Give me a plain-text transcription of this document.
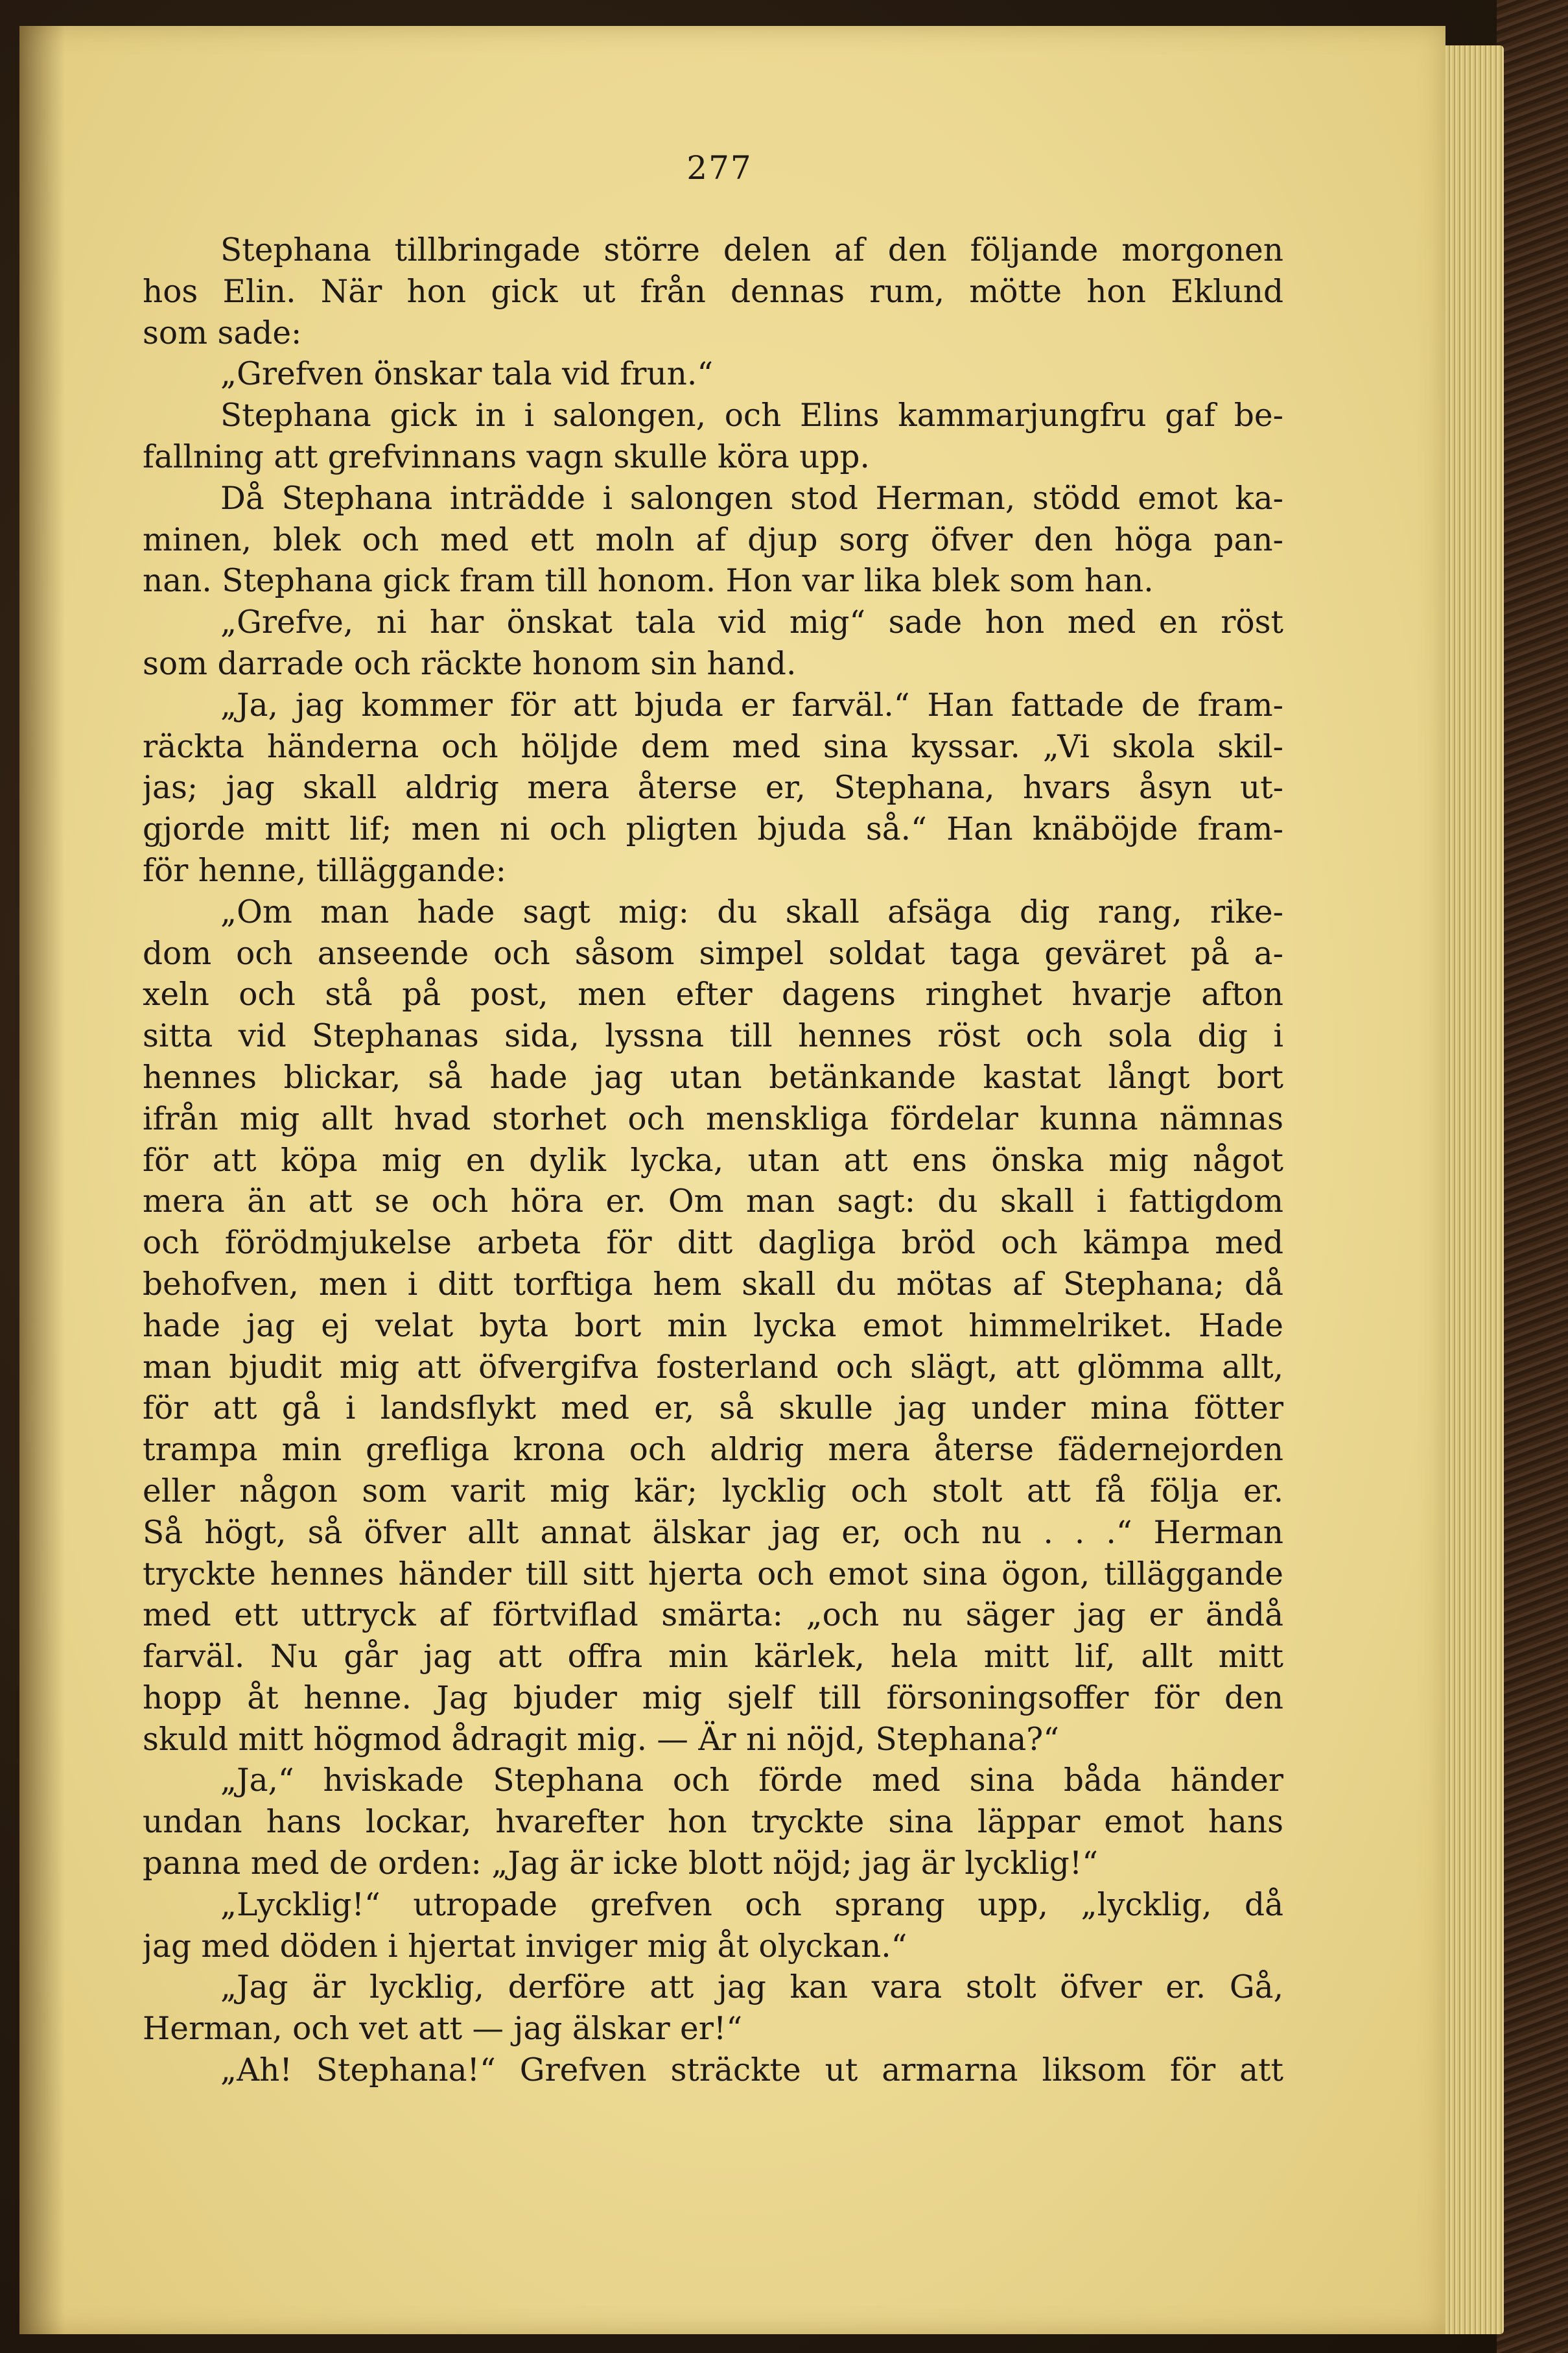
277
Stephana tillbringade större delen af den följande morgonen
hos Elin. När hon gick ut från dennas rum, mötte hon Eklund
som sade:
„Grefven önskar tala vid frun.“
Stephana gick in i salongen, och Elins kammarjungfru gaf be-
fallning att grefvinnans vagn skulle köra upp.
Då Stephana inträdde i salongen stod Herman, stödd emot ka-
minen, blek och med ett moln af djup sorg öfver den höga pan-
nan. Stephana gick fram till honom. Hon var lika blek som han.
„Grefve, ni har önskat tala vid mig“ sade hon med en röst
som darrade och räckte honom sin hand.
„Ja, jag kommer för att bjuda er farväl.“ Han fattade de fram-
räckta händerna och höljde dem med sina kyssar. „Vi skola skil-
jas; jag skall aldrig mera återse er, Stephana, hvars åsyn ut-
gjorde mitt lif; men ni och pligten bjuda så.“ Han knäböjde fram-
för henne, tilläggande:
„Om man hade sagt mig: du skall afsäga dig rang, rike-
dom och anseende och såsom simpel soldat taga geväret på a-
xeln och stå på post, men efter dagens ringhet hvarje afton
sitta vid Stephanas sida, lyssna till hennes röst och sola dig i
hennes blickar, så hade jag utan betänkande kastat långt bort
ifrån mig allt hvad storhet och menskliga fördelar kunna nämnas
för att köpa mig en dylik lycka, utan att ens önska mig något
mera än att se och höra er. Om man sagt: du skall i fattigdom
och förödmjukelse arbeta för ditt dagliga bröd och kämpa med
behofven, men i ditt torftiga hem skall du mötas af Stephana; då
hade jag ej velat byta bort min lycka emot himmelriket. Hade
man bjudit mig att öfvergifva fosterland och slägt, att glömma allt,
för att gå i landsflykt med er, så skulle jag under mina fötter
trampa min grefliga krona och aldrig mera återse fädernejorden
eller någon som varit mig kär; lycklig och stolt att få följa er.
Så högt, så öfver allt annat älskar jag er, och nu . . .“ Herman
tryckte hennes händer till sitt hjerta och emot sina ögon, tilläggande
med ett uttryck af förtviflad smärta: „och nu säger jag er ändå
farväl. Nu går jag att offra min kärlek, hela mitt lif, allt mitt
hopp åt henne. Jag bjuder mig sjelf till försoningsoffer för den
skuld mitt högmod ådragit mig. — Är ni nöjd, Stephana?“
„Ja,“ hviskade Stephana och förde med sina båda händer
undan hans lockar, hvarefter hon tryckte sina läppar emot hans
panna med de orden: „Jag är icke blott nöjd; jag är lycklig!“
„Lycklig!“ utropade grefven och sprang upp, „lycklig, då
jag med döden i hjertat inviger mig åt olyckan.“
„Jag är lycklig, derföre att jag kan vara stolt öfver er. Gå,
Herman, och vet att — jag älskar er!“
„Ah! Stephana!“ Grefven sträckte ut armarna liksom för att
